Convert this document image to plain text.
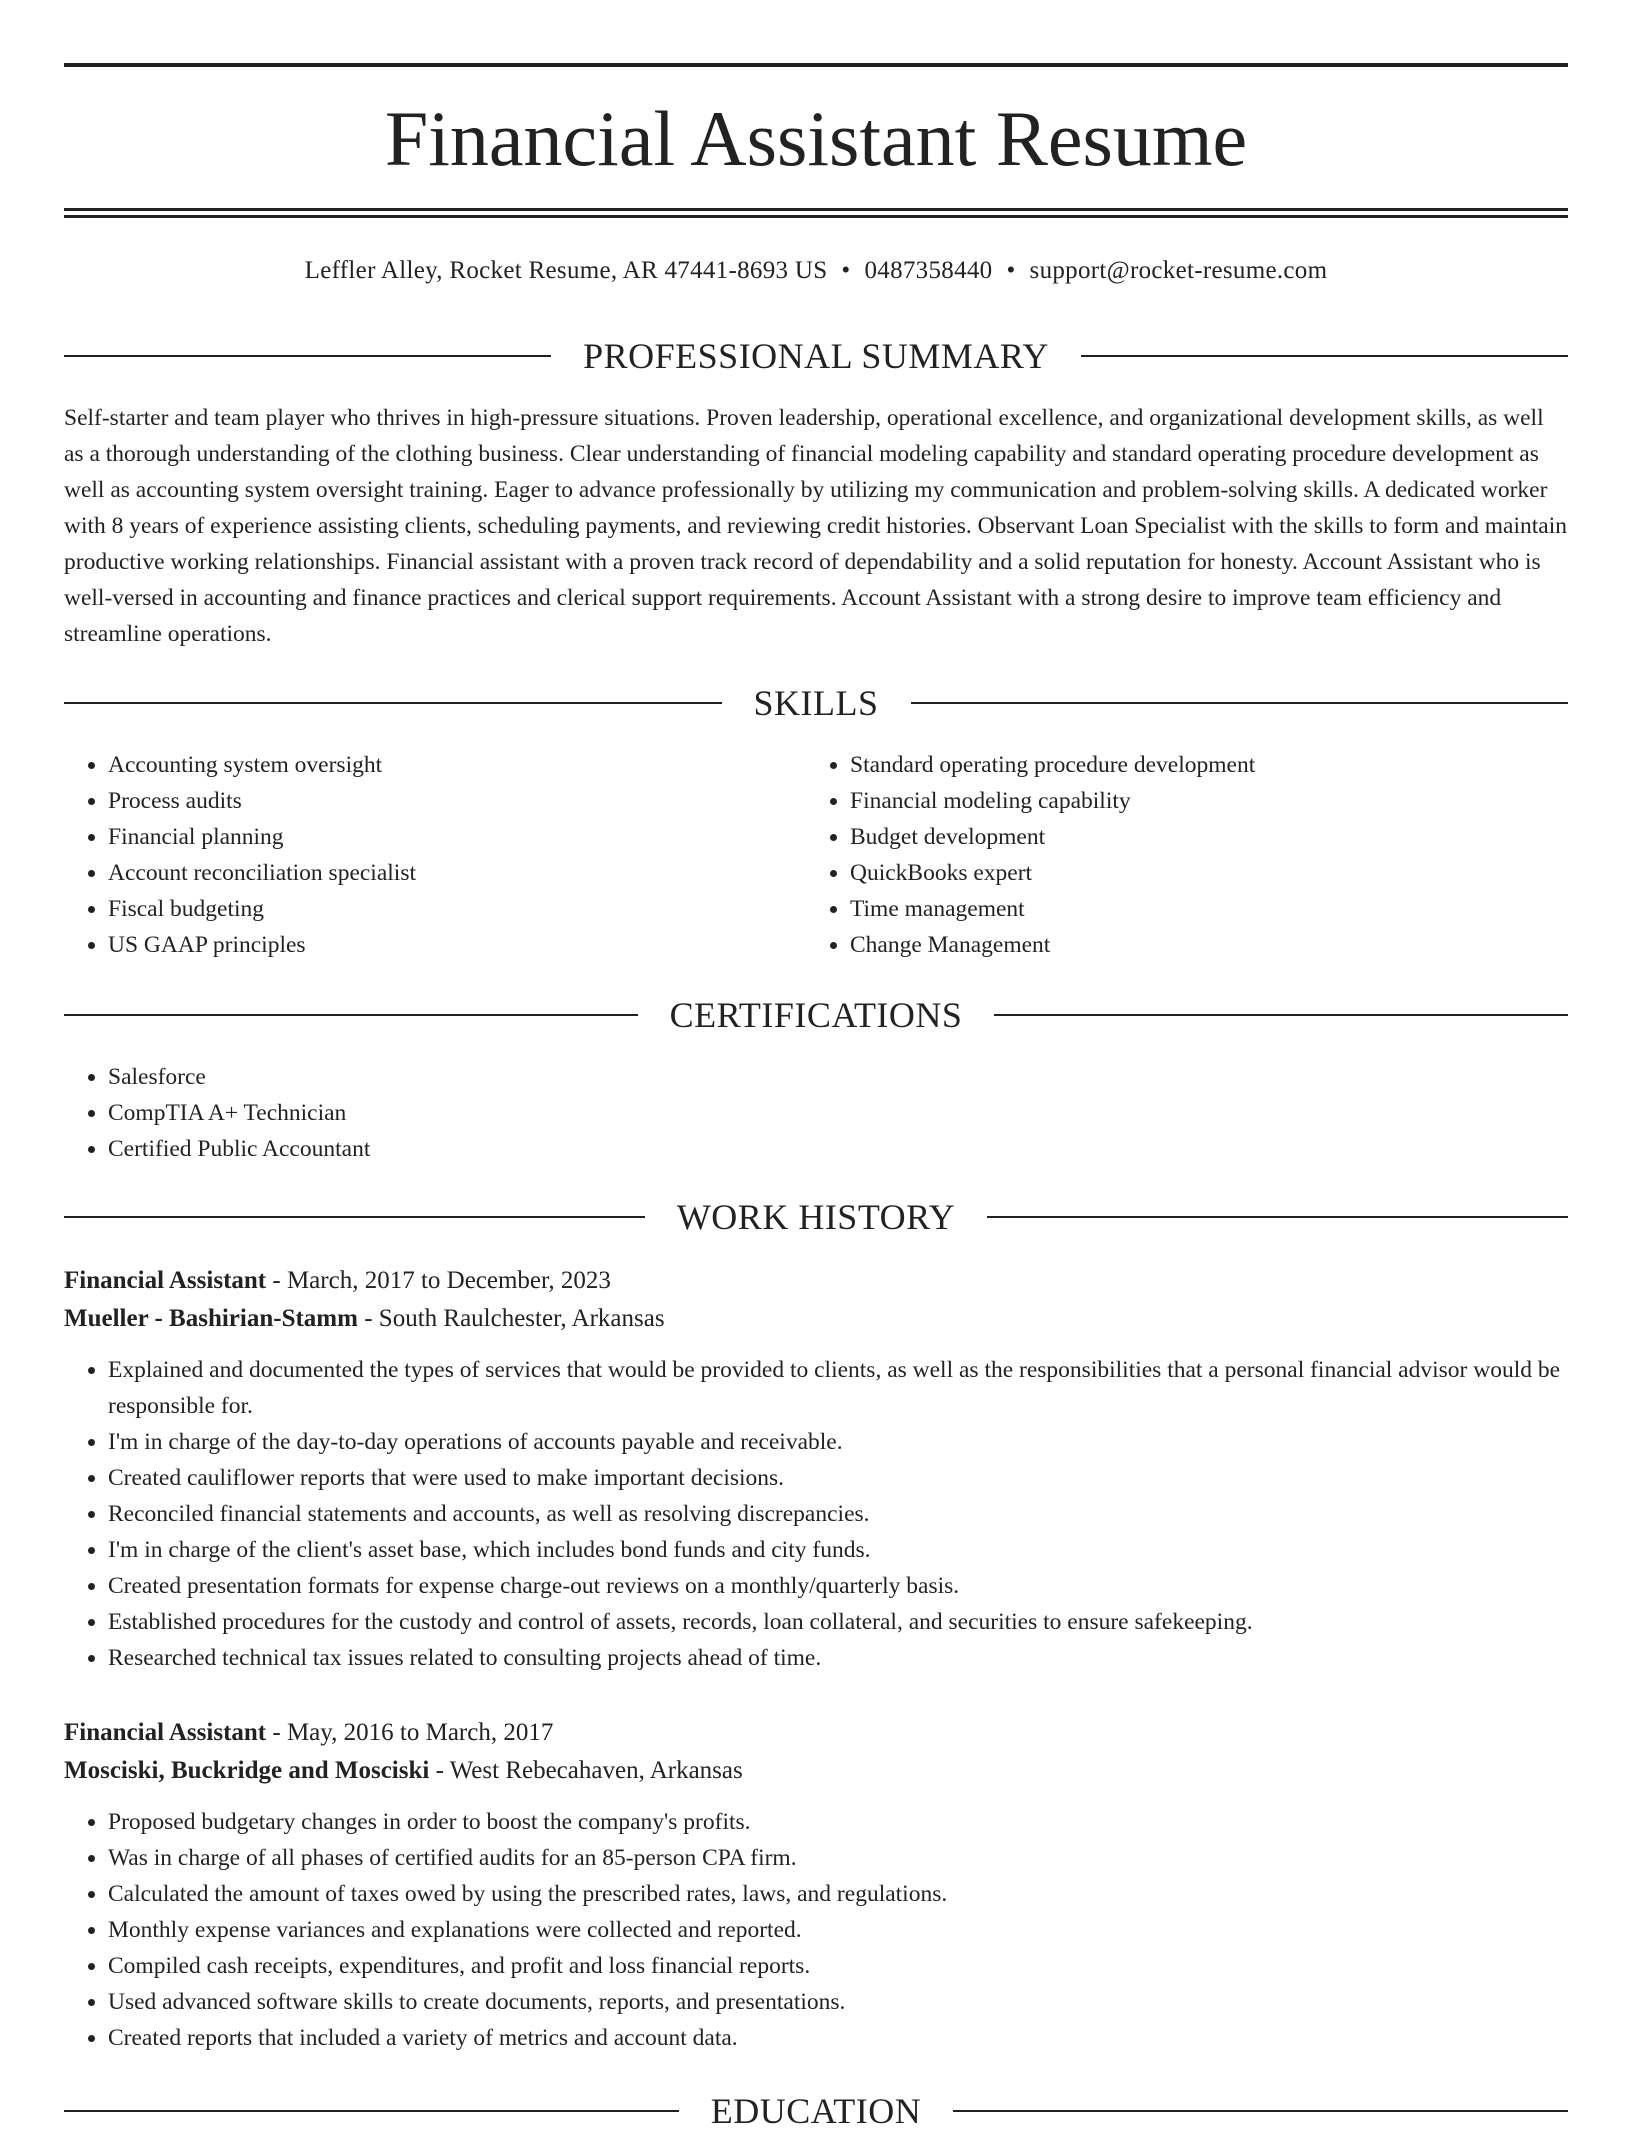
Financial Assistant Resume
Leffler Alley, Rocket Resume, AR 47441-8693 US • 0487358440 • support@rocket-resume.com
PROFESSIONAL SUMMARY

Self-starter and team player who thrives in high-pressure situations. Proven leadership, operational excellence, and organizational development skills, as well as a thorough understanding of the clothing business. Clear understanding of financial modeling capability and standard operating procedure development as well as accounting system oversight training. Eager to advance professionally by utilizing my communication and problem-solving skills. A dedicated worker with 8 years of experience assisting clients, scheduling payments, and reviewing credit histories. Observant Loan Specialist with the skills to form and maintain productive working relationships. Financial assistant with a proven track record of dependability and a solid reputation for honesty. Account Assistant who is well-versed in accounting and finance practices and clerical support requirements. Account Assistant with a strong desire to improve team efficiency and streamline operations.

SKILLS
• Accounting system oversight
• Process audits
• Financial planning
• Account reconciliation specialist
• Fiscal budgeting
• US GAAP principles
• Standard operating procedure development
• Financial modeling capability
• Budget development
• QuickBooks expert
• Time management
• Change Management
CERTIFICATIONS
• Salesforce
• CompTIA A+ Technician
• Certified Public Accountant
WORK HISTORY
Financial Assistant - March, 2017 to December, 2023
Mueller - Bashirian-Stamm - South Raulchester, Arkansas
• Explained and documented the types of services that would be provided to clients, as well as the responsibilities that a personal financial advisor would be responsible for.
• I'm in charge of the day-to-day operations of accounts payable and receivable.
• Created cauliflower reports that were used to make important decisions.
• Reconciled financial statements and accounts, as well as resolving discrepancies.
• I'm in charge of the client's asset base, which includes bond funds and city funds.
• Created presentation formats for expense charge-out reviews on a monthly/quarterly basis.
• Established procedures for the custody and control of assets, records, loan collateral, and securities to ensure safekeeping.
• Researched technical tax issues related to consulting projects ahead of time.
Financial Assistant - May, 2016 to March, 2017
Mosciski, Buckridge and Mosciski - West Rebecahaven, Arkansas
• Proposed budgetary changes in order to boost the company's profits.
• Was in charge of all phases of certified audits for an 85-person CPA firm.
• Calculated the amount of taxes owed by using the prescribed rates, laws, and regulations.
• Monthly expense variances and explanations were collected and reported.
• Compiled cash receipts, expenditures, and profit and loss financial reports.
• Used advanced software skills to create documents, reports, and presentations.
• Created reports that included a variety of metrics and account data.
EDUCATION
